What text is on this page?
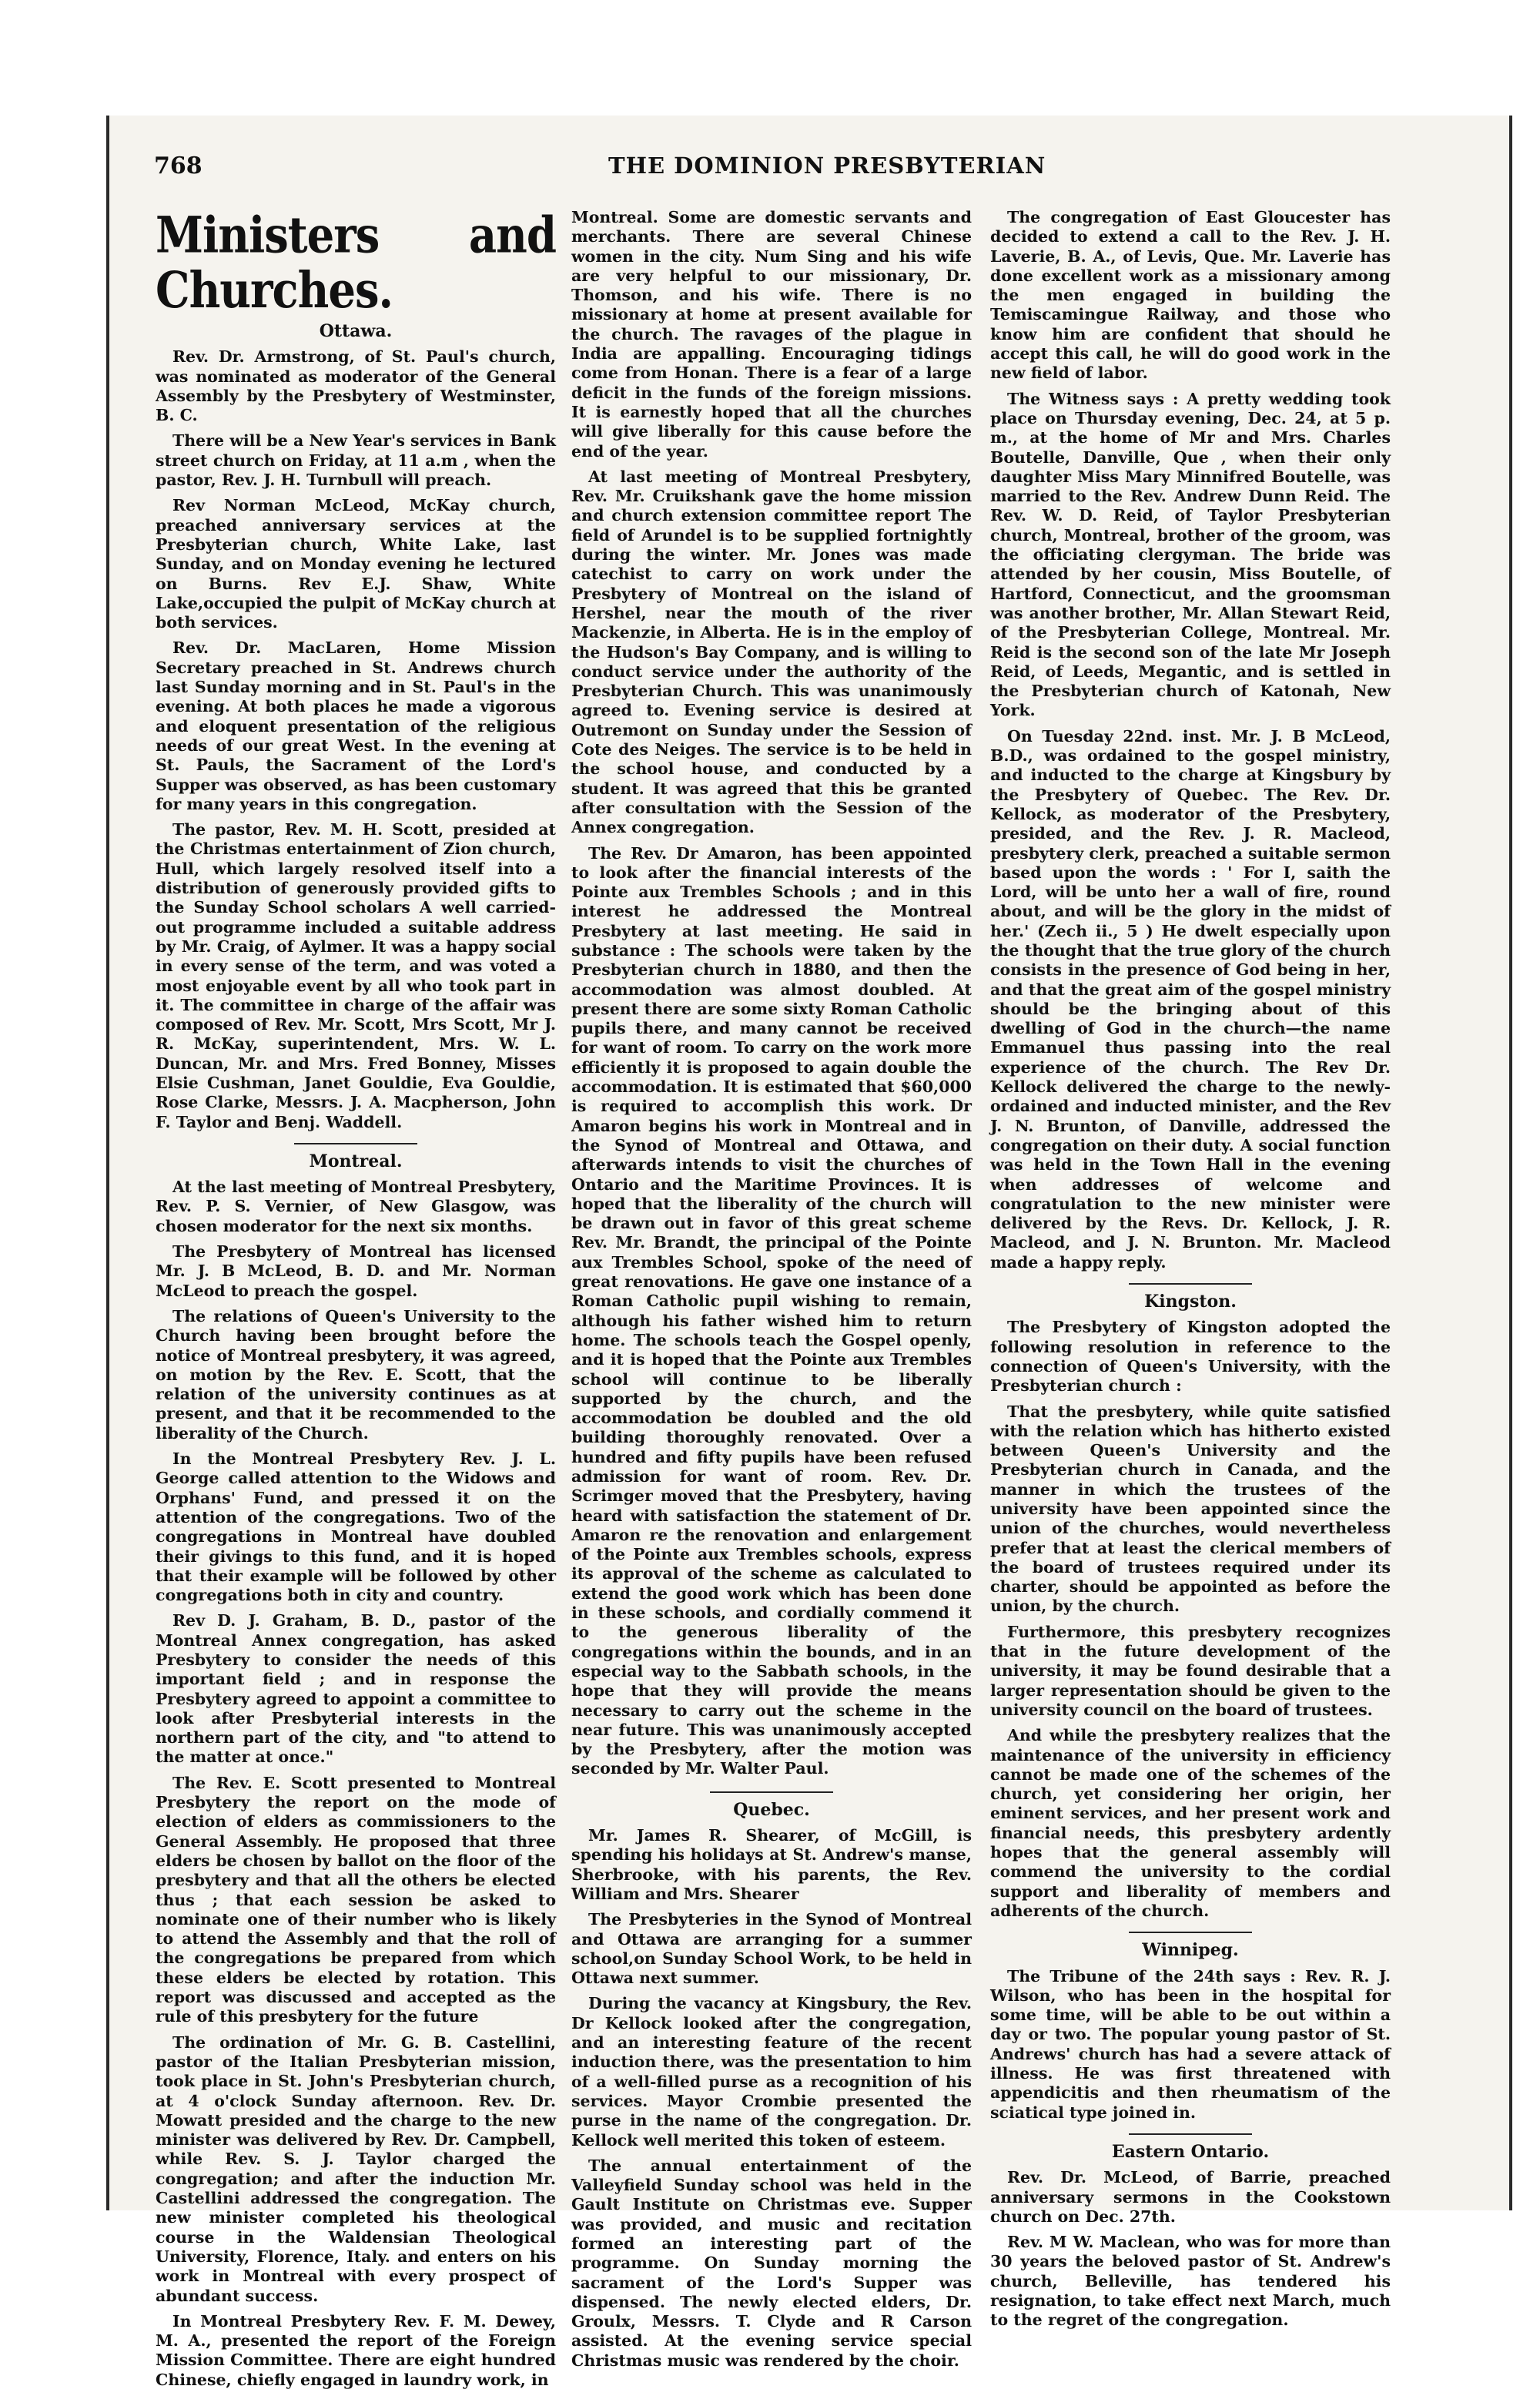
768	THE DOMINION PRESBYTERIAN
Ministers and Churches.
Ottawa.

Rev. Dr. Armstrong, of St. Paul's church, was nominated as moderator of the General Assembly by the Presbytery of Westminster, B. C.

There will be a New Year's services in Bank street church on Friday, at 11 a.m , when the pastor, Rev. J. H. Turnbull will preach.

Rev Norman McLeod, McKay church, preached anniversary services at the Presbyterian church, White Lake, last Sunday, and on Monday evening he lectured on Burns. Rev E.J. Shaw, White Lake,occupied the pulpit of McKay church at both services.

Rev. Dr. MacLaren, Home Mission Secretary preached in St. Andrews church last Sunday morning and in St. Paul's in the evening. At both places he made a vigorous and eloquent presentation of the religious needs of our great West. In the evening at St. Pauls, the Sacrament of the Lord's Supper was observed, as has been customary for many years in this congregation.

The pastor, Rev. M. H. Scott, presided at the Christmas entertainment of Zion church, Hull, which largely resolved itself into a distribution of generously provided gifts to the Sunday School scholars A well carried-out programme included a suitable address by Mr. Craig, of Aylmer. It was a happy social in every sense of the term, and was voted a most enjoyable event by all who took part in it. The committee in charge of the affair was composed of Rev. Mr. Scott, Mrs Scott, Mr J. R. McKay, superintendent, Mrs. W. L. Duncan, Mr. and Mrs. Fred Bonney, Misses Elsie Cushman, Janet Gouldie, Eva Gouldie, Rose Clarke, Messrs. J. A. Macpherson, John F. Taylor and Benj. Waddell.

Montreal.

At the last meeting of Montreal Presbytery, Rev. P. S. Vernier, of New Glasgow, was chosen moderator for the next six months.

The Presbytery of Montreal has licensed Mr. J. B McLeod, B. D. and Mr. Norman McLeod to preach the gospel.

The relations of Queen's University to the Church having been brought before the notice of Montreal presbytery, it was agreed, on motion by the Rev. E. Scott, that the relation of the university continues as at present, and that it be recommended to the liberality of the Church.

In the Montreal Presbytery Rev. J. L. George called attention to the Widows and Orphans' Fund, and pressed it on the attention of the congregations. Two of the congregations in Montreal have doubled their givings to this fund, and it is hoped that their example will be followed by other congregations both in city and country.

Rev D. J. Graham, B. D., pastor of the Montreal Annex congregation, has asked Presbytery to consider the needs of this important field ; and in response the Presbytery agreed to appoint a committee to look after Presbyterial interests in the northern part of the city, and "to attend to the matter at once."

The Rev. E. Scott presented to Montreal Presbytery the report on the mode of election of elders as commissioners to the General Assembly. He proposed that three elders be chosen by ballot on the floor of the presbytery and that all the others be elected thus ; that each session be asked to nominate one of their number who is likely to attend the Assembly and that the roll of the congregations be prepared from which these elders be elected by rotation. This report was discussed and accepted as the rule of this presbytery for the future

The ordination of Mr. G. B. Castellini, pastor of the Italian Presbyterian mission, took place in St. John's Presbyterian church, at 4 o'clock Sunday afternoon. Rev. Dr. Mowatt presided and the charge to the new minister was delivered by Rev. Dr. Campbell, while Rev. S. J. Taylor charged the congregation; and after the induction Mr. Castellini addressed the congregation. The new minister completed his theological course in the Waldensian Theological University, Florence, Italy. and enters on his work in Montreal with every prospect of abundant success.

In Montreal Presbytery Rev. F. M. Dewey, M. A., presented the report of the Foreign Mission Committee. There are eight hundred Chinese, chiefly engaged in laundry work, in

Montreal. Some are domestic servants and merchants. There are several Chinese women in the city. Num Sing and his wife are very helpful to our missionary, Dr. Thomson, and his wife. There is no missionary at home at present available for the church. The ravages of the plague in India are appalling. Encouraging tidings come from Honan. There is a fear of a large deficit in the funds of the foreign missions. It is earnestly hoped that all the churches will give liberally for this cause before the end of the year.

At last meeting of Montreal Presbytery, Rev. Mr. Cruikshank gave the home mission and church extension committee report The field of Arundel is to be supplied fortnightly during the winter. Mr. Jones was made catechist to carry on work under the Presbytery of Montreal on the island of Hershel, near the mouth of the river Mackenzie, in Alberta. He is in the employ of the Hudson's Bay Company, and is willing to conduct service under the authority of the Presbyterian Church. This was unanimously agreed to. Evening service is desired at Outremont on Sunday under the Session of Cote des Neiges. The service is to be held in the school house, and conducted by a student. It was agreed that this be granted after consultation with the Session of the Annex congregation.

The Rev. Dr Amaron, has been appointed to look after the financial interests of the Pointe aux Trembles Schools ; and in this interest he addressed the Montreal Presbytery at last meeting. He said in substance : The schools were taken by the Presbyterian church in 1880, and then the accommodation was almost doubled. At present there are some sixty Roman Catholic pupils there, and many cannot be received for want of room. To carry on the work more efficiently it is proposed to again double the accommodation. It is estimated that $60,000 is required to accomplish this work. Dr Amaron begins his work in Montreal and in the Synod of Montreal and Ottawa, and afterwards intends to visit the churches of Ontario and the Maritime Provinces. It is hoped that the liberality of the church will be drawn out in favor of this great scheme Rev. Mr. Brandt, the principal of the Pointe aux Trembles School, spoke of the need of great renovations. He gave one instance of a Roman Catholic pupil wishing to remain, although his father wished him to return home. The schools teach the Gospel openly, and it is hoped that the Pointe aux Trembles school will continue to be liberally supported by the church, and the accommodation be doubled and the old building thoroughly renovated. Over a hundred and fifty pupils have been refused admission for want of room. Rev. Dr. Scrimger moved that the Presbytery, having heard with satisfaction the statement of Dr. Amaron re the renovation and enlargement of the Pointe aux Trembles schools, express its approval of the scheme as calculated to extend the good work which has been done in these schools, and cordially commend it to the generous liberality of the congregations within the bounds, and in an especial way to the Sabbath schools, in the hope that they will provide the means necessary to carry out the scheme in the near future. This was unanimously accepted by the Presbytery, after the motion was seconded by Mr. Walter Paul.

Quebec.

Mr. James R. Shearer, of McGill, is spending his holidays at St. Andrew's manse, Sherbrooke, with his parents, the Rev. William and Mrs. Shearer

The Presbyteries in the Synod of Montreal and Ottawa are arranging for a summer school,on Sunday School Work, to be held in Ottawa next summer.

During the vacancy at Kingsbury, the Rev. Dr Kellock looked after the congregation, and an interesting feature of the recent induction there, was the presentation to him of a well-filled purse as a recognition of his services. Mayor Crombie presented the purse in the name of the congregation. Dr. Kellock well merited this token of esteem.

The annual entertainment of the Valleyfield Sunday school was held in the Gault Institute on Christmas eve. Supper was provided, and music and recitation formed an interesting part of the programme. On Sunday morning the sacrament of the Lord's Supper was dispensed. The newly elected elders, Dr. Groulx, Messrs. T. Clyde and R Carson assisted. At the evening service special Christmas music was rendered by the choir.

The congregation of East Gloucester has decided to extend a call to the Rev. J. H. Laverie, B. A., of Levis, Que. Mr. Laverie has done excellent work as a missionary among the men engaged in building the Temiscamingue Railway, and those who know him are confident that should he accept this call, he will do good work in the new field of labor.

The Witness says : A pretty wedding took place on Thursday evening, Dec. 24, at 5 p. m., at the home of Mr and Mrs. Charles Boutelle, Danville, Que , when their only daughter Miss Mary Minnifred Boutelle, was married to the Rev. Andrew Dunn Reid. The Rev. W. D. Reid, of Taylor Presbyterian church, Montreal, brother of the groom, was the officiating clergyman. The bride was attended by her cousin, Miss Boutelle, of Hartford, Connecticut, and the groomsman was another brother, Mr. Allan Stewart Reid, of the Presbyterian College, Montreal. Mr. Reid is the second son of the late Mr Joseph Reid, of Leeds, Megantic, and is settled in the Presbyterian church of Katonah, New York.

On Tuesday 22nd. inst. Mr. J. B McLeod, B.D., was ordained to the gospel ministry, and inducted to the charge at Kingsbury by the Presbytery of Quebec. The Rev. Dr. Kellock, as moderator of the Presbytery, presided, and the Rev. J. R. Macleod, presbytery clerk, preached a suitable sermon based upon the words : ' For I, saith the Lord, will be unto her a wall of fire, round about, and will be the glory in the midst of her.' (Zech ii., 5 ) He dwelt especially upon the thought that the true glory of the church consists in the presence of God being in her, and that the great aim of the gospel ministry should be the bringing about of this dwelling of God in the church—the name Emmanuel thus passing into the real experience of the church. The Rev Dr. Kellock delivered the charge to the newly-ordained and inducted minister, and the Rev J. N. Brunton, of Danville, addressed the congregation on their duty. A social function was held in the Town Hall in the evening when addresses of welcome and congratulation to the new minister were delivered by the Revs. Dr. Kellock, J. R. Macleod, and J. N. Brunton. Mr. Macleod made a happy reply.

Kingston.

The Presbytery of Kingston adopted the following resolution in reference to the connection of Queen's University, with the Presbyterian church :

That the presbytery, while quite satisfied with the relation which has hitherto existed between Queen's University and the Presbyterian church in Canada, and the manner in which the trustees of the university have been appointed since the union of the churches, would nevertheless prefer that at least the clerical members of the board of trustees required under its charter, should be appointed as before the union, by the church.

Furthermore, this presbytery recognizes that in the future development of the university, it may be found desirable that a larger representation should be given to the university council on the board of trustees.

And while the presbytery realizes that the maintenance of the university in efficiency cannot be made one of the schemes of the church, yet considering her origin, her eminent services, and her present work and financial needs, this presbytery ardently hopes that the general assembly will commend the university to the cordial support and liberality of members and adherents of the church.

Winnipeg.

The Tribune of the 24th says : Rev. R. J. Wilson, who has been in the hospital for some time, will be able to be out within a day or two. The popular young pastor of St. Andrews' church has had a severe attack of illness. He was first threatened with appendicitis and then rheumatism of the sciatical type joined in.

Eastern Ontario.

Rev. Dr. McLeod, of Barrie, preached anniversary sermons in the Cookstown church on Dec. 27th.

Rev. M W. Maclean, who was for more than 30 years the beloved pastor of St. Andrew's church, Belleville, has tendered his resignation, to take effect next March, much to the regret of the congregation.
